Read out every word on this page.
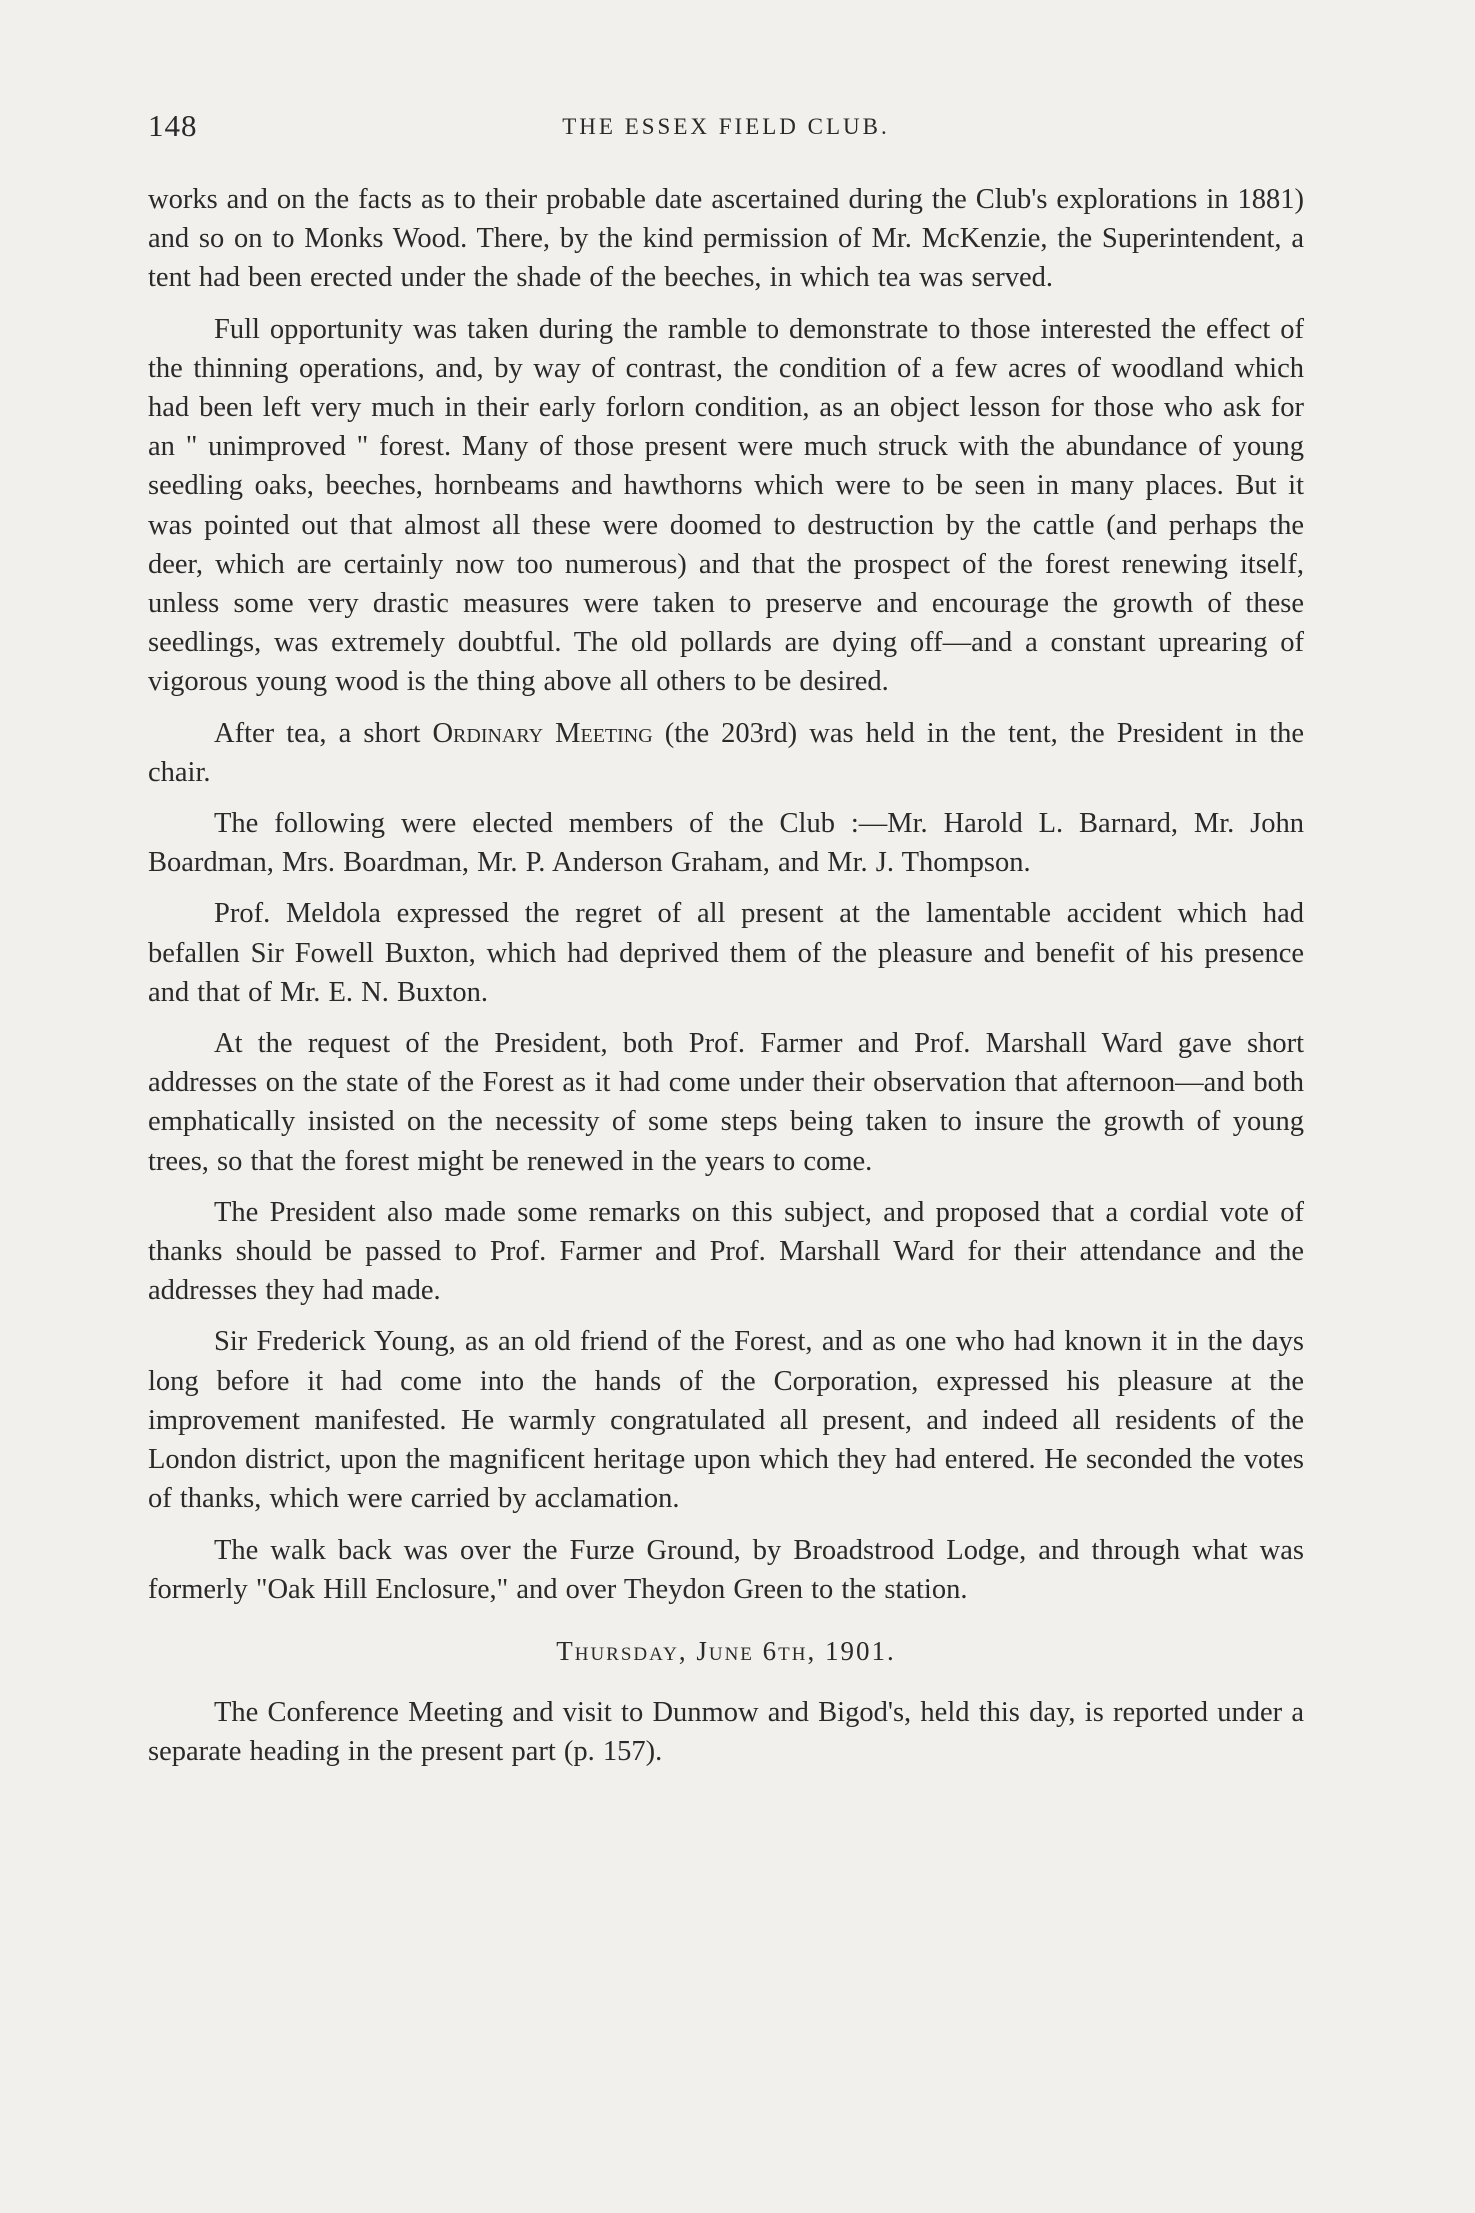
148	THE ESSEX FIELD CLUB.

works and on the facts as to their probable date ascertained during the Club's explorations in 1881) and so on to Monks Wood. There, by the kind permission of Mr. McKenzie, the Superintendent, a tent had been erected under the shade of the beeches, in which tea was served.

Full opportunity was taken during the ramble to demonstrate to those interested the effect of the thinning operations, and, by way of contrast, the condition of a few acres of woodland which had been left very much in their early forlorn condition, as an object lesson for those who ask for an " unimproved " forest. Many of those present were much struck with the abundance of young seedling oaks, beeches, hornbeams and hawthorns which were to be seen in many places. But it was pointed out that almost all these were doomed to destruction by the cattle (and perhaps the deer, which are certainly now too numerous) and that the prospect of the forest renewing itself, unless some very drastic measures were taken to preserve and encourage the growth of these seedlings, was extremely doubtful. The old pollards are dying off—and a constant uprearing of vigorous young wood is the thing above all others to be desired.

After tea, a short Ordinary Meeting (the 203rd) was held in the tent, the President in the chair.

The following were elected members of the Club :—Mr. Harold L. Barnard, Mr. John Boardman, Mrs. Boardman, Mr. P. Anderson Graham, and Mr. J. Thompson.

Prof. Meldola expressed the regret of all present at the lamentable accident which had befallen Sir Fowell Buxton, which had deprived them of the pleasure and benefit of his presence and that of Mr. E. N. Buxton.

At the request of the President, both Prof. Farmer and Prof. Marshall Ward gave short addresses on the state of the Forest as it had come under their observation that afternoon—and both emphatically insisted on the necessity of some steps being taken to insure the growth of young trees, so that the forest might be renewed in the years to come.

The President also made some remarks on this subject, and proposed that a cordial vote of thanks should be passed to Prof. Farmer and Prof. Marshall Ward for their attendance and the addresses they had made.

Sir Frederick Young, as an old friend of the Forest, and as one who had known it in the days long before it had come into the hands of the Corporation, expressed his pleasure at the improvement manifested. He warmly congratulated all present, and indeed all residents of the London district, upon the magnificent heritage upon which they had entered. He seconded the votes of thanks, which were carried by acclamation.

The walk back was over the Furze Ground, by Broadstrood Lodge, and through what was formerly "Oak Hill Enclosure," and over Theydon Green to the station.

Thursday, June 6th, 1901.

The Conference Meeting and visit to Dunmow and Bigod's, held this day, is reported under a separate heading in the present part (p. 157).
